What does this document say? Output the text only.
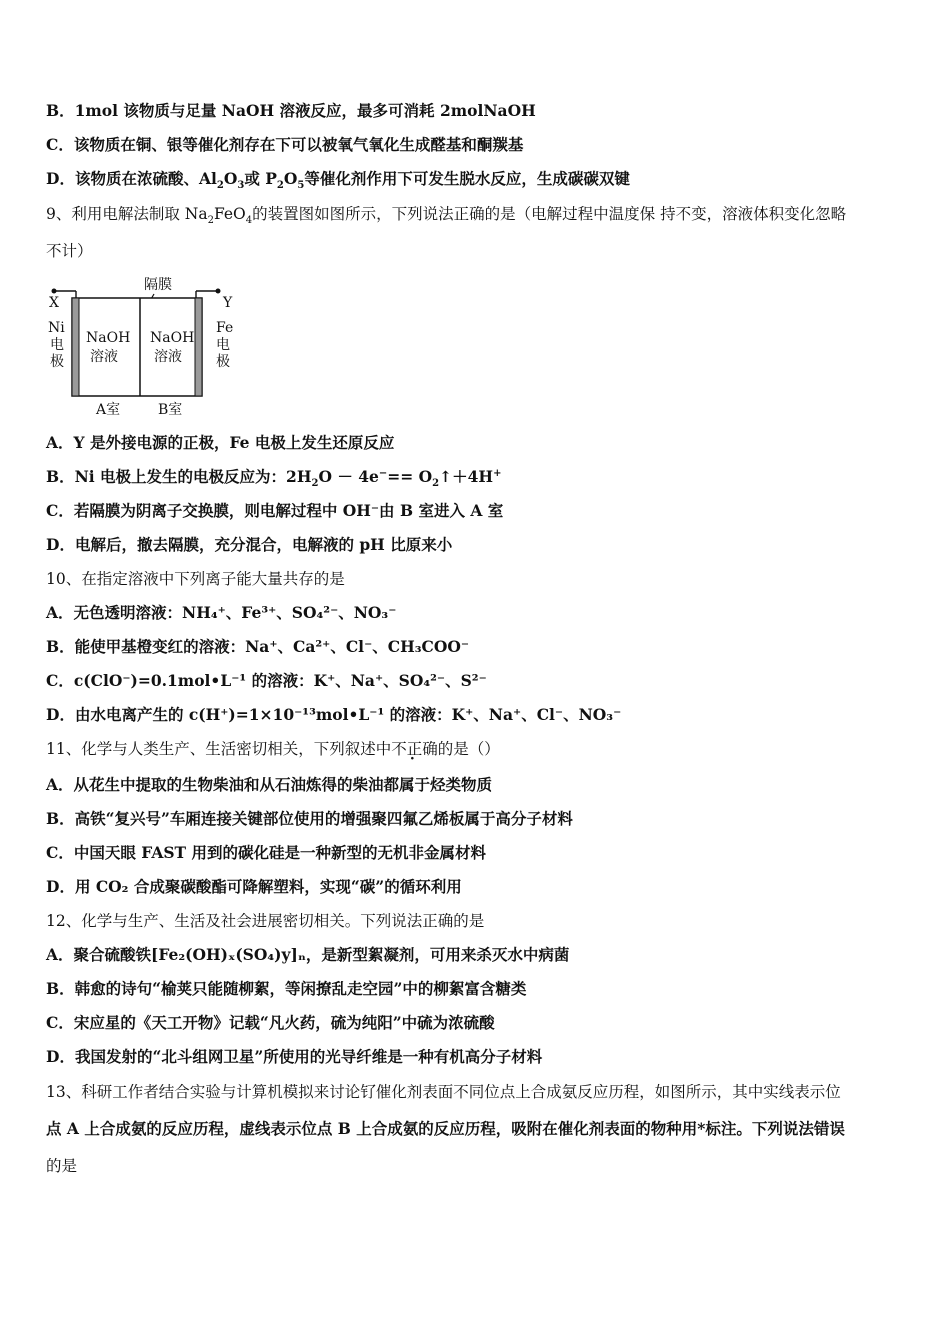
B．1mol 该物质与足量 NaOH 溶液反应，最多可消耗 2molNaOH
C．该物质在铜、银等催化剂存在下可以被氧气氧化生成醛基和酮羰基
D．该物质在浓硫酸、$Al_2O_3$或 $P_2O_5$等催化剂作用下可发生脱水反应，生成碳碳双键
9、利用电解法制取 $Na_2FeO_4$的装置图如图所示，下列说法正确的是（电解过程中温度保 持不变，溶液体积变化忽略
不计）
隔膜
X	Y
Ni
电
极
Fe
电
极
NaOH
溶液
NaOH
溶液
A室	B室
A．Y 是外接电源的正极，Fe 电极上发生还原反应
B．Ni 电极上发生的电极反应为：$2H_2O - 4e^-==$ $O_2↑+4H^+$
C．若隔膜为阴离子交换膜，则电解过程中 OH⁻由 B 室进入 A 室
D．电解后，撤去隔膜，充分混合，电解液的 pH 比原来小
10、在指定溶液中下列离子能大量共存的是
A．无色透明溶液：NH₄⁺、Fe³⁺、SO₄²⁻、NO₃⁻
B．能使甲基橙变红的溶液：Na⁺、Ca²⁺、Cl⁻、CH₃COO⁻
C．c(ClO⁻)=0.1mol•L⁻¹ 的溶液：K⁺、Na⁺、SO₄²⁻、S²⁻
D．由水电离产生的 c(H⁺)=1×10⁻¹³mol•L⁻¹ 的溶液：K⁺、Na⁺、Cl⁻、NO₃⁻
11、化学与人类生产、生活密切相关，下列叙述中不正确的是（）
A．从花生中提取的生物柴油和从石油炼得的柴油都属于烃类物质
B．高铁“复兴号”车厢连接关键部位使用的增强聚四氟乙烯板属于高分子材料
C．中国天眼 FAST 用到的碳化硅是一种新型的无机非金属材料
D．用 CO₂ 合成聚碳酸酯可降解塑料，实现“碳”的循环利用
12、化学与生产、生活及社会进展密切相关。下列说法正确的是
A．聚合硫酸铁[Fe₂(OH)ₓ(SO₄)y]ₙ，是新型絮凝剂，可用来杀灭水中病菌
B．韩愈的诗句“榆荚只能随柳絮，等闲撩乱走空园”中的柳絮富含糖类
C．宋应星的《天工开物》记载“凡火药，硫为纯阳”中硫为浓硫酸
D．我国发射的“北斗组网卫星”所使用的光导纤维是一种有机高分子材料
13、科研工作者结合实验与计算机模拟来讨论钌催化剂表面不同位点上合成氨反应历程，如图所示，其中实线表示位
点 A 上合成氨的反应历程，虚线表示位点 B 上合成氨的反应历程，吸附在催化剂表面的物种用*标注。下列说法错误
的是
